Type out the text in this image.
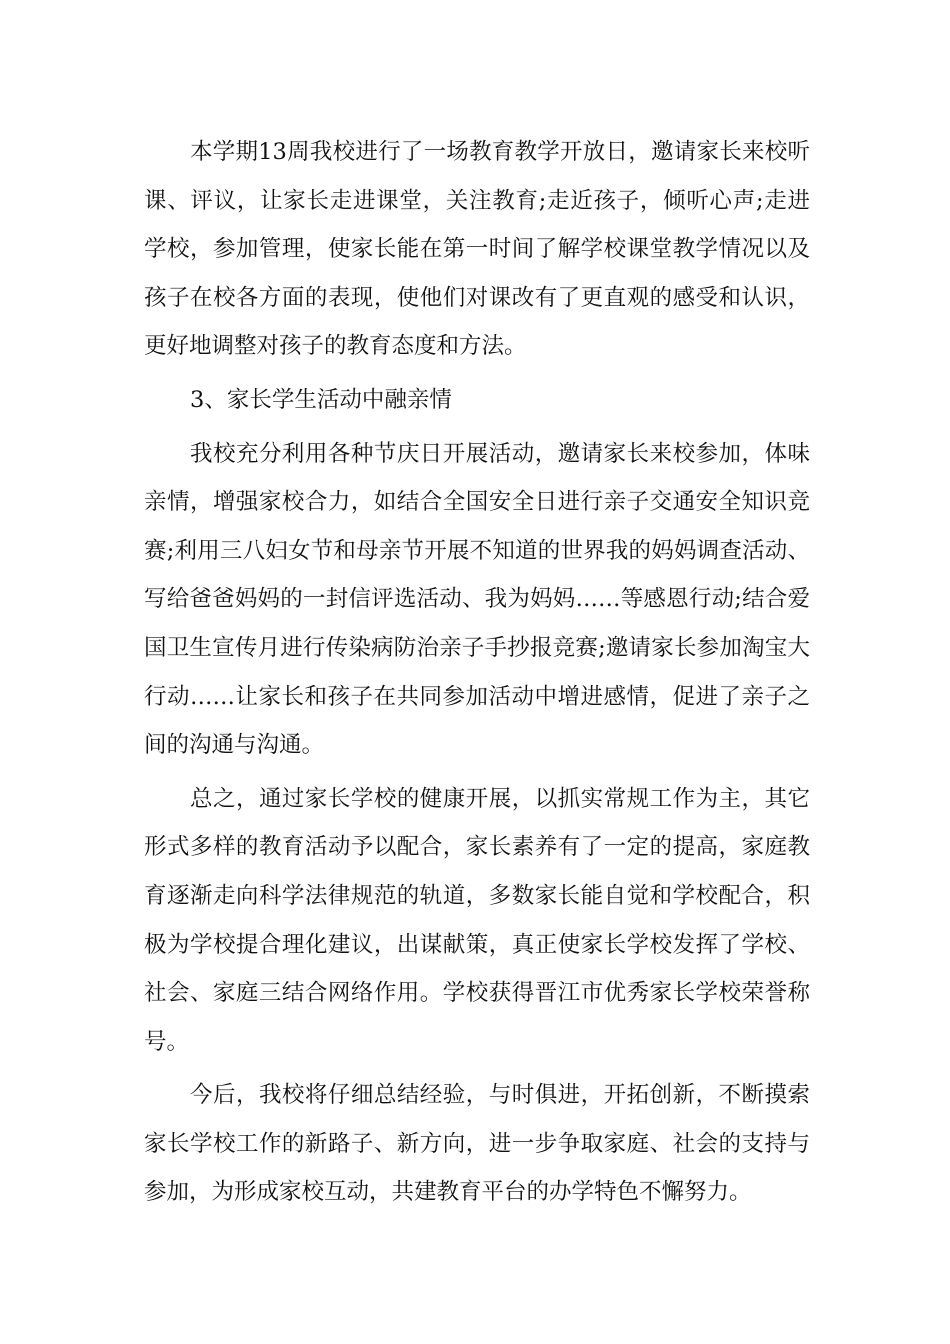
本学期13周我校进行了一场教育教学开放日，邀请家长来校听课、评议，让家长走进课堂，关注教育;走近孩子，倾听心声;走进学校，参加管理，使家长能在第一时间了解学校课堂教学情况以及孩子在校各方面的表现，使他们对课改有了更直观的感受和认识，更好地调整对孩子的教育态度和方法。

3、家长学生活动中融亲情

我校充分利用各种节庆日开展活动，邀请家长来校参加，体味亲情，增强家校合力，如结合全国安全日进行亲子交通安全知识竞赛;利用三八妇女节和母亲节开展不知道的世界我的妈妈调查活动、写给爸爸妈妈的一封信评选活动、我为妈妈……等感恩行动;结合爱国卫生宣传月进行传染病防治亲子手抄报竞赛;邀请家长参加淘宝大行动……让家长和孩子在共同参加活动中增进感情，促进了亲子之间的沟通与沟通。

总之，通过家长学校的健康开展，以抓实常规工作为主，其它形式多样的教育活动予以配合，家长素养有了一定的提高，家庭教育逐渐走向科学法律规范的轨道，多数家长能自觉和学校配合，积极为学校提合理化建议，出谋献策，真正使家长学校发挥了学校、社会、家庭三结合网络作用。学校获得晋江市优秀家长学校荣誉称号。

今后，我校将仔细总结经验，与时俱进，开拓创新，不断摸索家长学校工作的新路子、新方向，进一步争取家庭、社会的支持与参加，为形成家校互动，共建教育平台的办学特色不懈努力。
